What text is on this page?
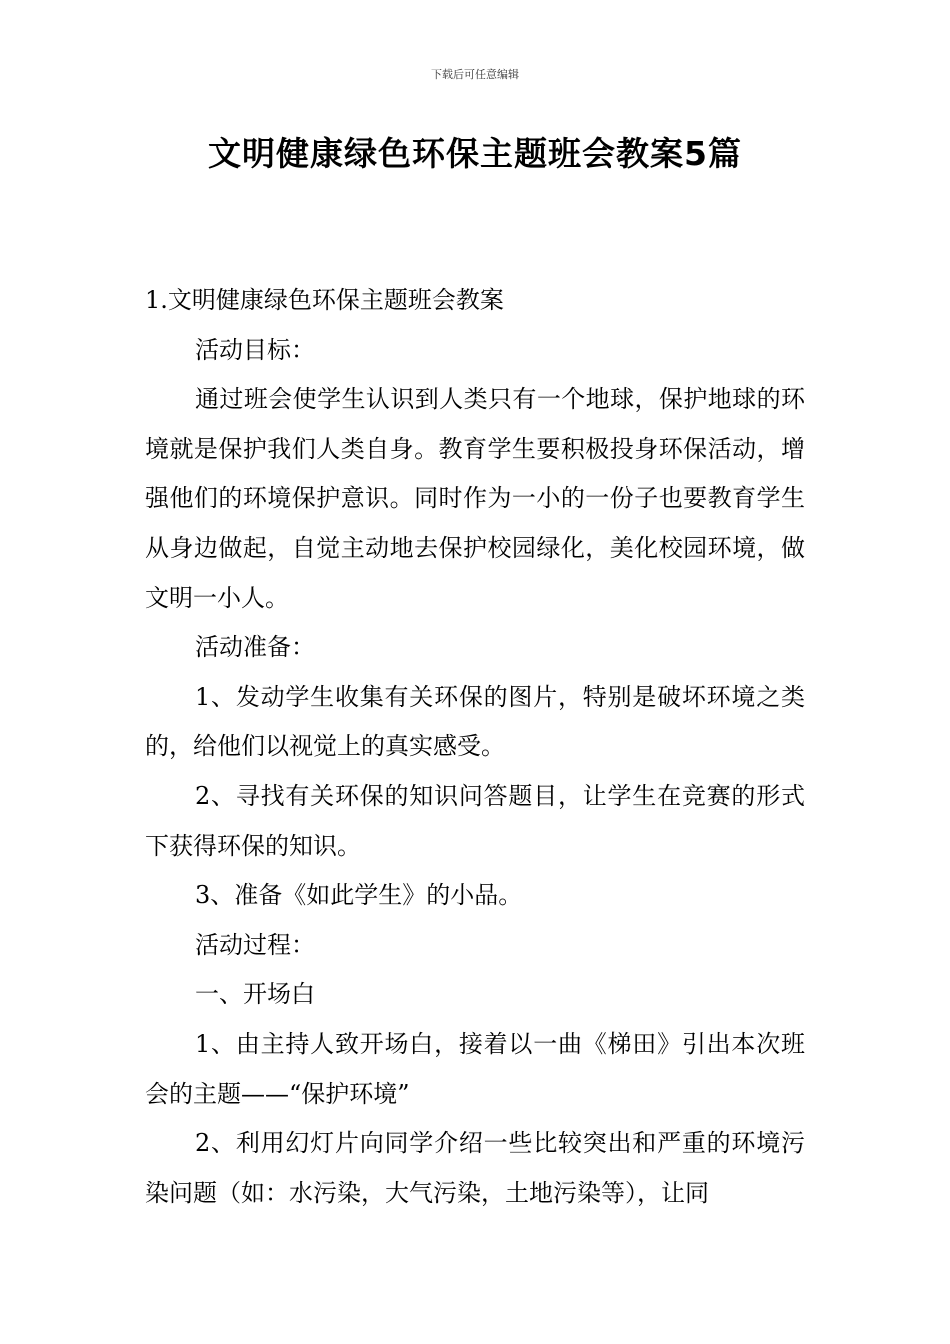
下载后可任意编辑
文明健康绿色环保主题班会教案5篇

1.文明健康绿色环保主题班会教案

活动目标：

通过班会使学生认识到人类只有一个地球，保护地球的环境就是保护我们人类自身。教育学生要积极投身环保活动，增强他们的环境保护意识。同时作为一小的一份子也要教育学生从身边做起，自觉主动地去保护校园绿化，美化校园环境，做文明一小人。

活动准备：

1、发动学生收集有关环保的图片，特别是破坏环境之类的，给他们以视觉上的真实感受。

2、寻找有关环保的知识问答题目，让学生在竞赛的形式下获得环保的知识。

3、准备《如此学生》的小品。

活动过程：

一、开场白

1、由主持人致开场白，接着以一曲《梯田》引出本次班会的主题——“保护环境”

2、利用幻灯片向同学介绍一些比较突出和严重的环境污染问题（如：水污染，大气污染，土地污染等），让同
